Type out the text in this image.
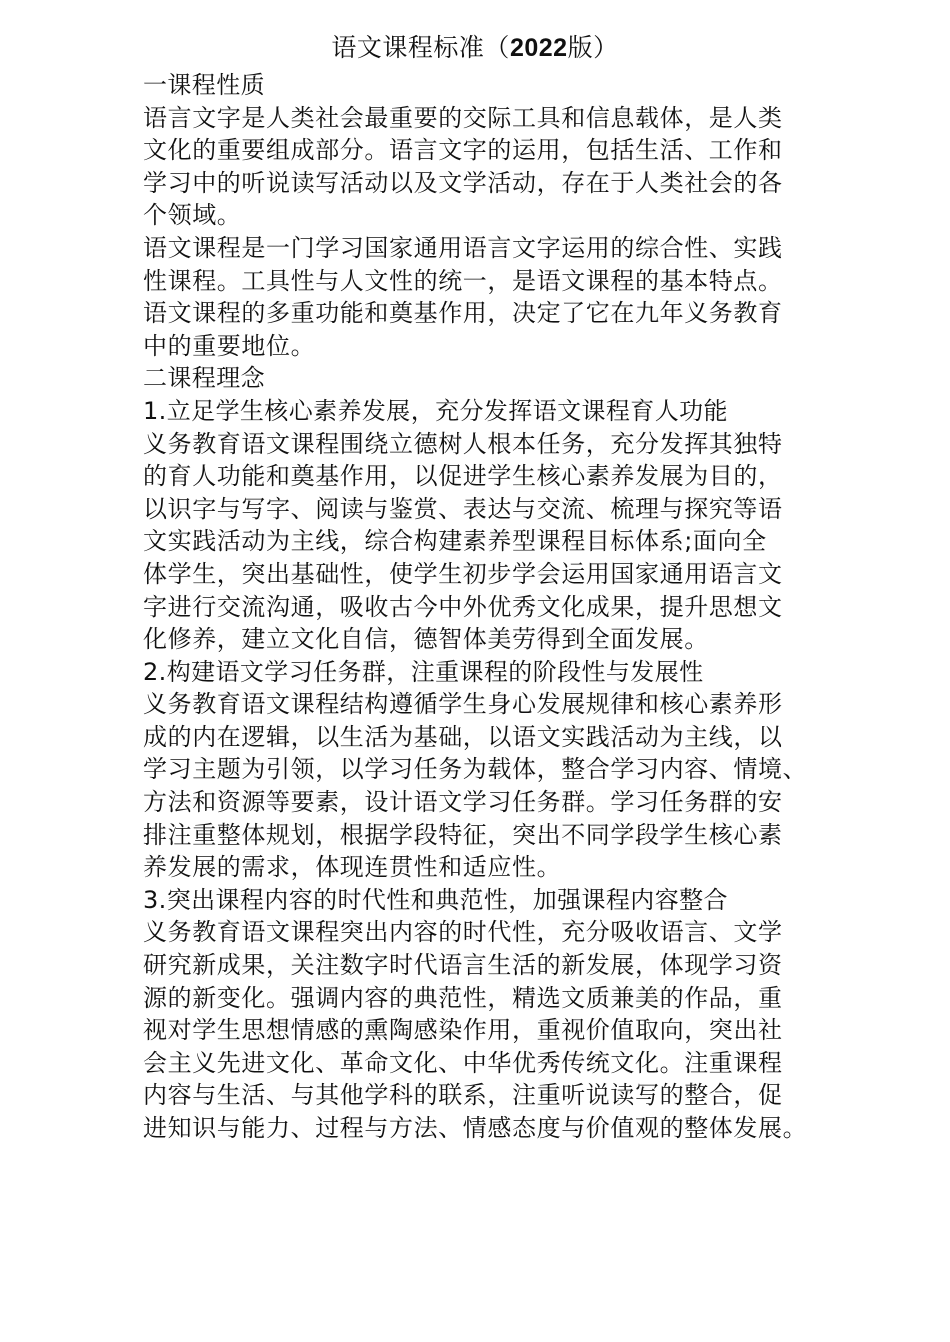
语文课程标准（2022版）
一课程性质
语言文字是人类社会最重要的交际工具和信息载体，是人类
文化的重要组成部分。语言文字的运用，包括生活、工作和
学习中的听说读写活动以及文学活动，存在于人类社会的各
个领域。
语文课程是一门学习国家通用语言文字运用的综合性、实践
性课程。工具性与人文性的统一，是语文课程的基本特点。
语文课程的多重功能和奠基作用，决定了它在九年义务教育
中的重要地位。
二课程理念
1.立足学生核心素养发展，充分发挥语文课程育人功能
义务教育语文课程围绕立德树人根本任务，充分发挥其独特
的育人功能和奠基作用，以促进学生核心素养发展为目的，
以识字与写字、阅读与鉴赏、表达与交流、梳理与探究等语
文实践活动为主线，综合构建素养型课程目标体系;面向全
体学生，突出基础性，使学生初步学会运用国家通用语言文
字进行交流沟通，吸收古今中外优秀文化成果，提升思想文
化修养，建立文化自信，德智体美劳得到全面发展。
2.构建语文学习任务群，注重课程的阶段性与发展性
义务教育语文课程结构遵循学生身心发展规律和核心素养形
成的内在逻辑，以生活为基础，以语文实践活动为主线，以
学习主题为引领，以学习任务为载体，整合学习内容、情境、
方法和资源等要素，设计语文学习任务群。学习任务群的安
排注重整体规划，根据学段特征，突出不同学段学生核心素
养发展的需求，体现连贯性和适应性。
3.突出课程内容的时代性和典范性，加强课程内容整合
义务教育语文课程突出内容的时代性，充分吸收语言、文学
研究新成果，关注数字时代语言生活的新发展，体现学习资
源的新变化。强调内容的典范性，精选文质兼美的作品，重
视对学生思想情感的熏陶感染作用，重视价值取向，突出社
会主义先进文化、革命文化、中华优秀传统文化。注重课程
内容与生活、与其他学科的联系，注重听说读写的整合，促
进知识与能力、过程与方法、情感态度与价值观的整体发展。
